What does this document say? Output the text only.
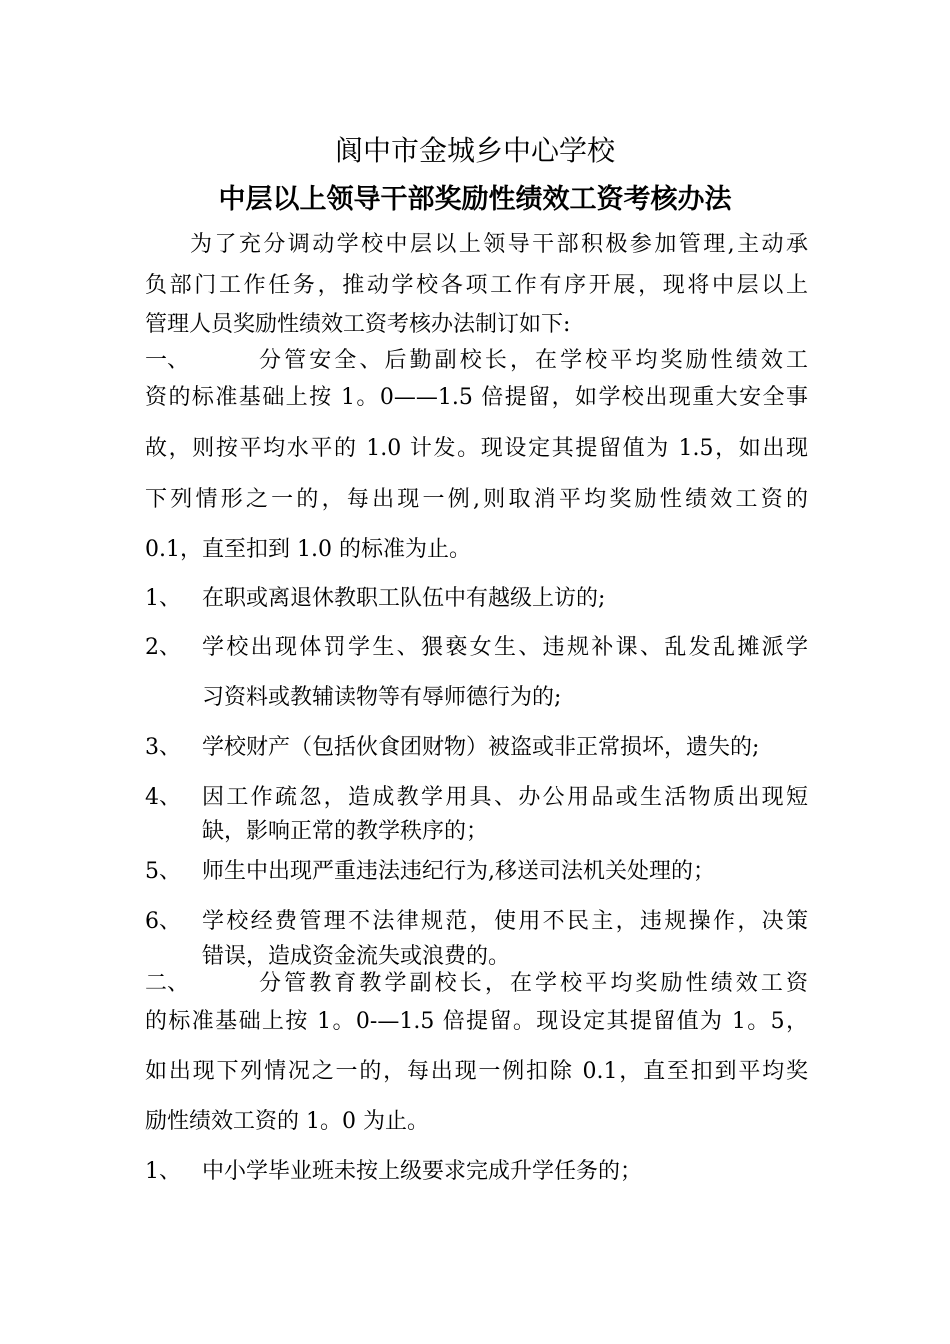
阆中市金城乡中心学校
中层以上领导干部奖励性绩效工资考核办法
为了充分调动学校中层以上领导干部积极参加管理,主动承
负部门工作任务，推动学校各项工作有序开展，现将中层以上
管理人员奖励性绩效工资考核办法制订如下:
一、	分管安全、后勤副校长，在学校平均奖励性绩效工
资的标准基础上按 1。0——1.5 倍提留，如学校出现重大安全事
故，则按平均水平的 1.0 计发。现设定其提留值为 1.5，如出现
下列情形之一的，每出现一例,则取消平均奖励性绩效工资的
0.1，直至扣到 1.0 的标准为止。
1、 在职或离退休教职工队伍中有越级上访的;
2、 学校出现体罚学生、猥亵女生、违规补课、乱发乱摊派学
习资料或教辅读物等有辱师德行为的;
3、 学校财产（包括伙食团财物）被盗或非正常损坏，遗失的;
4、 因工作疏忽，造成教学用具、办公用品或生活物质出现短
缺，影响正常的教学秩序的；
5、 师生中出现严重违法违纪行为,移送司法机关处理的；
6、 学校经费管理不法律规范，使用不民主，违规操作，决策
错误，造成资金流失或浪费的。
二、	分管教育教学副校长，在学校平均奖励性绩效工资
的标准基础上按 1。0-—1.5 倍提留。现设定其提留值为 1。5，
如出现下列情况之一的，每出现一例扣除 0.1，直至扣到平均奖
励性绩效工资的 1。0 为止。
1、 中小学毕业班未按上级要求完成升学任务的；
